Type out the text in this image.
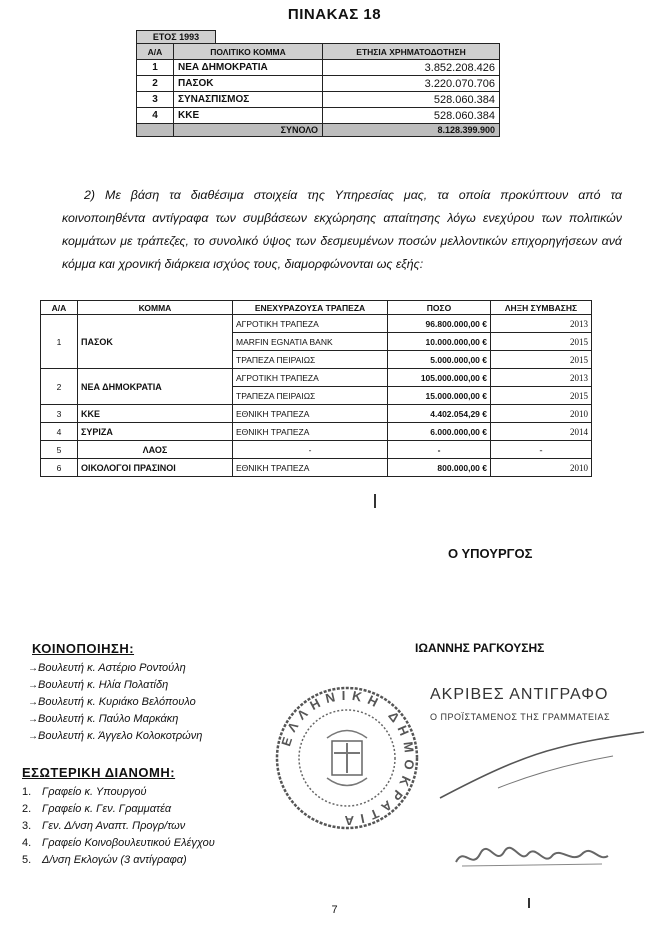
ΠΙΝΑΚΑΣ 18
ΕΤΟΣ 1993
Α/Α	ΠΟΛΙΤΙΚΟ ΚΟΜΜΑ	ΕΤΗΣΙΑ ΧΡΗΜΑΤΟΔΟΤΗΣΗ
1	ΝΕΑ ΔΗΜΟΚΡΑΤΙΑ	3.852.208.426
2	ΠΑΣΟΚ	3.220.070.706
3	ΣΥΝΑΣΠΙΣΜΟΣ	528.060.384
4	ΚΚΕ	528.060.384
	ΣΥΝΟΛΟ	8.128.399.900
2) Με βάση τα διαθέσιμα στοιχεία της Υπηρεσίας μας, τα οποία προκύπτουν από τα κοινοποιηθέντα αντίγραφα των συμβάσεων εκχώρησης απαίτησης λόγω ενεχύρου των πολιτικών κομμάτων με τράπεζες, το συνολικό ύψος των δεσμευμένων ποσών μελλοντικών επιχορηγήσεων ανά κόμμα και χρονική διάρκεια ισχύος τους, διαμορφώνονται ως εξής:
Α/Α	ΚΟΜΜΑ	ΕΝΕΧΥΡΑΖΟΥΣΑ ΤΡΑΠΕΖΑ	ΠΟΣΟ	ΛΗΞΗ ΣΥΜΒΑΣΗΣ
1	ΠΑΣΟΚ	ΑΓΡΟΤΙΚΗ ΤΡΑΠΕΖΑ	96.800.000,00 €	2013
		MARFIN EGNATIA BANK	10.000.000,00 €	2015
		ΤΡΑΠΕΖΑ ΠΕΙΡΑΙΩΣ	5.000.000,00 €	2015
2	ΝΕΑ ΔΗΜΟΚΡΑΤΙΑ	ΑΓΡΟΤΙΚΗ ΤΡΑΠΕΖΑ	105.000.000,00 €	2013
		ΤΡΑΠΕΖΑ ΠΕΙΡΑΙΩΣ	15.000.000,00 €	2015
3	ΚΚΕ	ΕΘΝΙΚΗ ΤΡΑΠΕΖΑ	4.402.054,29 €	2010
4	ΣΥΡΙΖΑ	ΕΘΝΙΚΗ ΤΡΑΠΕΖΑ	6.000.000,00 €	2014
5	ΛΑΟΣ	-	-	-
6	ΟΙΚΟΛΟΓΟΙ ΠΡΑΣΙΝΟΙ	ΕΘΝΙΚΗ ΤΡΑΠΕΖΑ	800.000,00 €	2010
Ο ΥΠΟΥΡΓΟΣ
ΚΟΙΝΟΠΟΙΗΣΗ:
→Βουλευτή κ. Αστέριο Ροντούλη
→Βουλευτή κ. Ηλία Πολατίδη
→Βουλευτή κ. Κυριάκο Βελόπουλο
→Βουλευτή κ. Παύλο Μαρκάκη
→Βουλευτή κ. Άγγελο Κολοκοτρώνη
ΙΩΑΝΝΗΣ ΡΑΓΚΟΥΣΗΣ
ΕΣΩΤΕΡΙΚΗ ΔΙΑΝΟΜΗ:
1. Γραφείο κ. Υπουργού
2. Γραφείο κ. Γεν. Γραμματέα
3. Γεν. Δ/νση Αναπτ. Προγρ/των
4. Γραφείο Κοινοβουλευτικού Ελέγχου
5. Δ/νση Εκλογών (3 αντίγραφα)
ΑΚΡΙΒΕΣ ΑΝΤΙΓΡΑΦΟ
Ο ΠΡΟΪΣΤΑΜΕΝΟΣ ΤΗΣ ΓΡΑΜΜΑΤΕΙΑΣ
ΕΛΛΗΝΙΚΗ ΔΗΜΟΚΡΑΤΙΑ
7
